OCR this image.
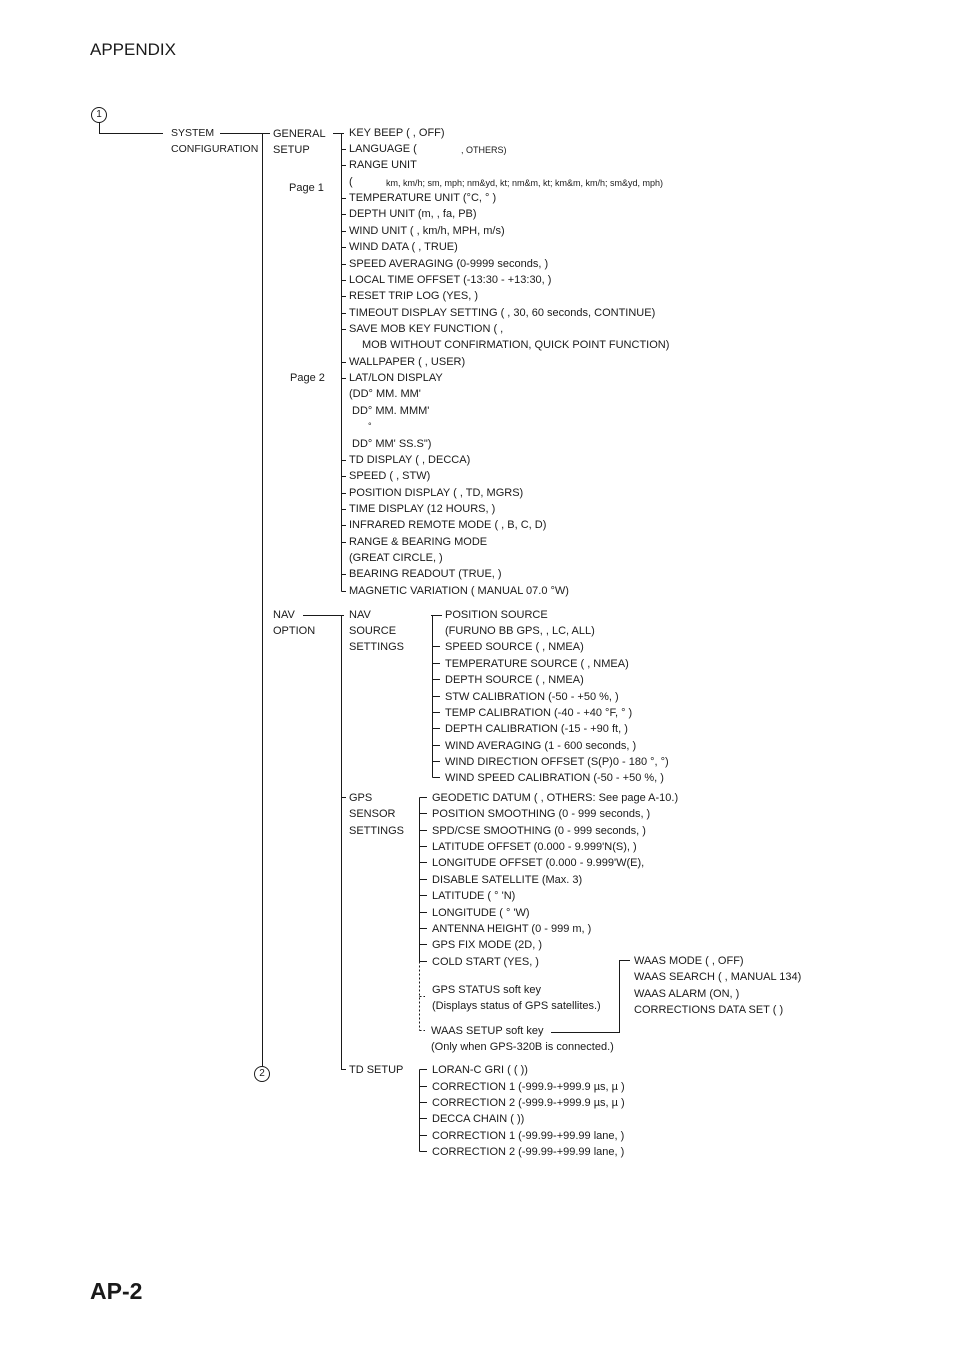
APPENDIX
AP-2
1
2
SYSTEM
CONFIGURATION
GENERAL
SETUP
Page 1
Page 2
KEY BEEP ( , OFF)
LANGUAGE (	, OTHERS)
RANGE UNIT
(	km, km/h; sm, mph; nm&yd, kt; nm&m, kt; km&m, km/h; sm&yd, mph)
TEMPERATURE UNIT (°C, ° )
DEPTH UNIT (m, , fa, PB)
WIND UNIT ( , km/h, MPH, m/s)
WIND DATA ( , TRUE)
SPEED AVERAGING (0-9999 seconds, )
LOCAL TIME OFFSET (-13:30 - +13:30, )
RESET TRIP LOG (YES, )
TIMEOUT DISPLAY SETTING ( , 30, 60 seconds, CONTINUE)
SAVE MOB KEY FUNCTION ( ,
MOB WITHOUT CONFIRMATION, QUICK POINT FUNCTION)
WALLPAPER ( , USER)
LAT/LON DISPLAY
(DD° MM. MM'
DD° MM. MMM'
°
DD° MM' SS.S")
TD DISPLAY ( , DECCA)
SPEED ( , STW)
POSITION DISPLAY ( , TD, MGRS)
TIME DISPLAY (12 HOURS, )
INFRARED REMOTE MODE ( , B, C, D)
RANGE & BEARING MODE
(GREAT CIRCLE, )
BEARING READOUT (TRUE, )
MAGNETIC VARIATION ( MANUAL 07.0 °W)
NAV
OPTION
NAV
SOURCE
SETTINGS
POSITION SOURCE
(FURUNO BB GPS, , LC, ALL)
SPEED SOURCE ( , NMEA)
TEMPERATURE SOURCE ( , NMEA)
DEPTH SOURCE ( , NMEA)
STW CALIBRATION (-50 - +50 %, )
TEMP CALIBRATION (-40 - +40 °F, ° )
DEPTH CALIBRATION (-15 - +90 ft, )
WIND AVERAGING (1 - 600 seconds, )
WIND DIRECTION OFFSET (S(P)0 - 180 °, °)
WIND SPEED CALIBRATION (-50 - +50 %, )
GPS
SENSOR
SETTINGS
GEODETIC DATUM ( , OTHERS: See page A-10.)
POSITION SMOOTHING (0 - 999 seconds, )
SPD/CSE SMOOTHING (0 - 999 seconds, )
LATITUDE OFFSET (0.000 - 9.999'N(S), )
LONGITUDE OFFSET (0.000 - 9.999'W(E),
DISABLE SATELLITE (Max. 3)
LATITUDE ( ° 'N)
LONGITUDE ( ° 'W)
ANTENNA HEIGHT (0 - 999 m, )
GPS FIX MODE (2D, )
COLD START (YES, )
GPS STATUS soft key
(Displays status of GPS satellites.)
WAAS SETUP soft key
(Only when GPS-320B is connected.)
WAAS MODE ( , OFF)
WAAS SEARCH ( , MANUAL 134)
WAAS ALARM (ON, )
CORRECTIONS DATA SET ( )
TD SETUP	LORAN-C GRI ( ( ))
CORRECTION 1 (-999.9-+999.9 µs, µ )
CORRECTION 2 (-999.9-+999.9 µs, µ )
DECCA CHAIN ( ))
CORRECTION 1 (-99.99-+99.99 lane, )
CORRECTION 2 (-99.99-+99.99 lane, )
